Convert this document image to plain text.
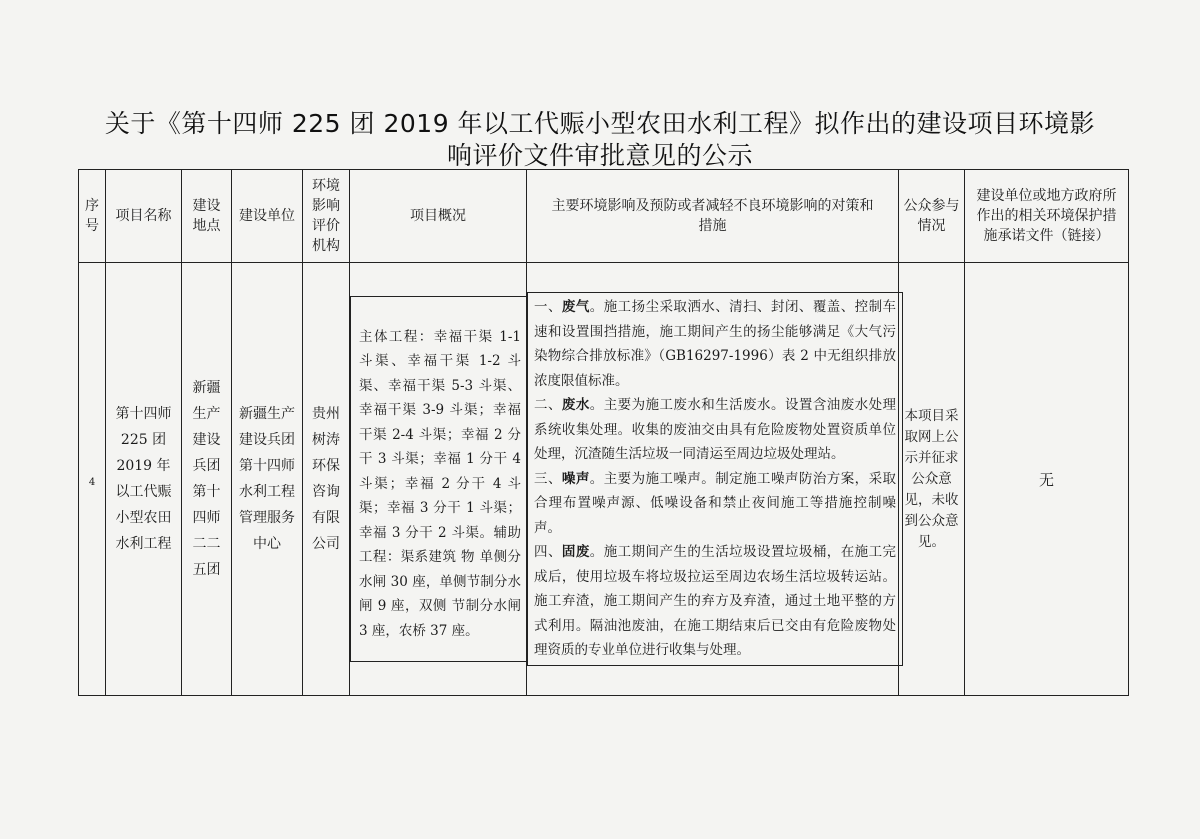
关于《第十四师 225 团 2019 年以工代赈小型农田水利工程》拟作出的建设项目环境影
响评价文件审批意见的公示
序号	项目名称	建设地点	建设单位	环境影响评价机构	项目概况	主要环境影响及预防或者减轻不良环境影响的对策和措施	公众参与情况	建设单位或地方政府所作出的相关环境保护措施承诺文件（链接）

4	第十四师 225 团 2019 年以工代赈小型农田水利工程	新疆生产建设兵团第十四师二二五团	新疆生产建设兵团第十四师水利工程管理服务中心	贵州树涛环保咨询有限公司	主体工程：幸福干渠 1-1 斗渠、幸福干渠 1-2 斗渠、幸福干渠 5-3 斗渠、幸福干渠 3-9 斗渠；幸福干渠 2-4 斗渠；幸福 2 分干 3 斗渠；幸福 1 分干 4 斗渠；幸福 2 分干 4 斗渠；幸福 3 分干 1 斗渠；幸福 3 分干 2 斗渠。辅助工程：渠系建筑 物 单侧分水闸 30 座，单侧节制分水闸 9 座，双侧 节制分水闸 3 座，农桥 37 座。	一、废气。施工扬尘采取洒水、清扫、封闭、覆盖、控制车速和设置围挡措施，施工期间产生的扬尘能够满足《大气污染物综合排放标准》（GB16297-1996）表 2 中无组织排放浓度限值标准。
二、废水。主要为施工废水和生活废水。设置含油废水处理系统收集处理。收集的废油交由具有危险废物处置资质单位处理，沉渣随生活垃圾一同清运至周边垃圾处理站。
三、噪声。主要为施工噪声。制定施工噪声防治方案，采取合理布置噪声源、低噪设备和禁止夜间施工等措施控制噪声。
四、固废。施工期间产生的生活垃圾设置垃圾桶，在施工完成后，使用垃圾车将垃圾拉运至周边农场生活垃圾转运站。施工弃渣，施工期间产生的弃方及弃渣，通过土地平整的方式利用。隔油池废油，在施工期结束后已交由有危险废物处理资质的专业单位进行收集与处理。	本项目采取网上公示并征求公众意见，未收到公众意见。	无
